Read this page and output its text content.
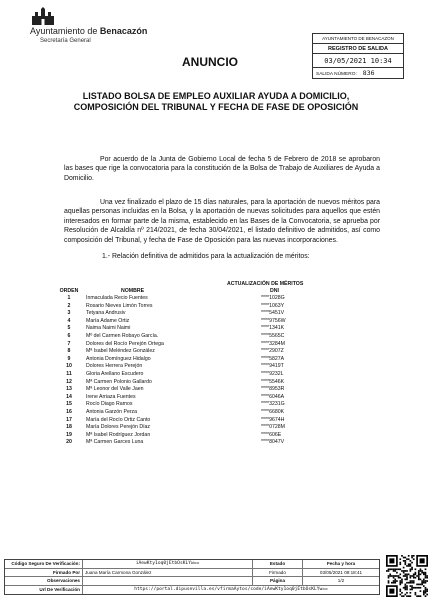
Ayuntamiento de Benacazón
Secretaría General
ANUNCIO
AYUNTAMIENTO DE BENACAZON
REGISTRO DE SALIDA
03/05/2021 10:34
SALIDA NÚMERO: 836
LISTADO BOLSA DE EMPLEO AUXILIAR AYUDA A DOMICILIO,
COMPOSICIÓN DEL TRIBUNAL Y FECHA DE FASE DE OPOSICIÓN
Por acuerdo de la Junta de Gobierno Local de fecha 5 de Febrero de 2018 se aprobaron las bases que rige la convocatoria para la constitución de la Bolsa de Trabajo de Auxiliares de Ayuda a Domicilio.
Una vez finalizado el plazo de 15 días naturales, para la aportación de nuevos méritos para aquellas personas incluidas en la Bolsa, y la aportación de nuevas solicitudes para aquellos que estén interesados en formar parte de la misma, establecido en las Bases de la Convocatoria, se aprueba por Resolución de Alcaldía nº 214/2021, de fecha 30/04/2021, el listado definitivo de admitidos, así como composición del Tribunal, y fecha de Fase de Oposición para las nuevas incorporaciones.
1.- Relación definitiva de admitidos para la actualización de méritos:
ACTUALIZACIÓN DE MÉRITOS
ORDEN	NOMBRE	DNI
1	Inmaculada Recio Fuentes	****1028G
2	Rosario Nieves Limón Torres	****1063Y
3	Tetyana Andrusiv	****5451V
4	María Adame Ortiz	****9756W
5	Naima Naimi Naimi	****1341K
6	Mº del Carmen Robayo García.	****5565C
7	Dolores del Rocío Perejón Ortega	****3284M
8	Mª Isabel Meléndez González	****2907Z
9	Antonia Domínguez Hidalgo	****5827A
10	Dolores Herrera Perejón	****9419T
11	Gloria Arellano Escudero	****9232L
12	Mª Carmen Polonio Gallardo	****5546K
13	Mª Leonor del Valle Jaen	****8953R
14	Irene Arriaza Fuentes	****6046A
15	Rocío Diago Ramos	****3231G
16	Antonia Garzón Perza	****6680K
17	María del Rocío Ortiz Canto	****9674H
18	María Dolores Perejón Díaz	****0728M
19	Mª Isabel Rodríguez Jordan	****606E
20	Mª Carmen Garces Luna	****8047V
Código Seguro De Verificación:	iAewKty1oq0jEtbOsKLYw==	Estado	Fecha y hora
Firmado Por	Juana María Carmona González	Firmado	03/05/2021 09:18:41
Observaciones	Página	1/2
Url De Verificación	https://portal.dipusevilla.es/vfirmaAytos/code/iAewKty1oq0jEtbOsKLYw==
